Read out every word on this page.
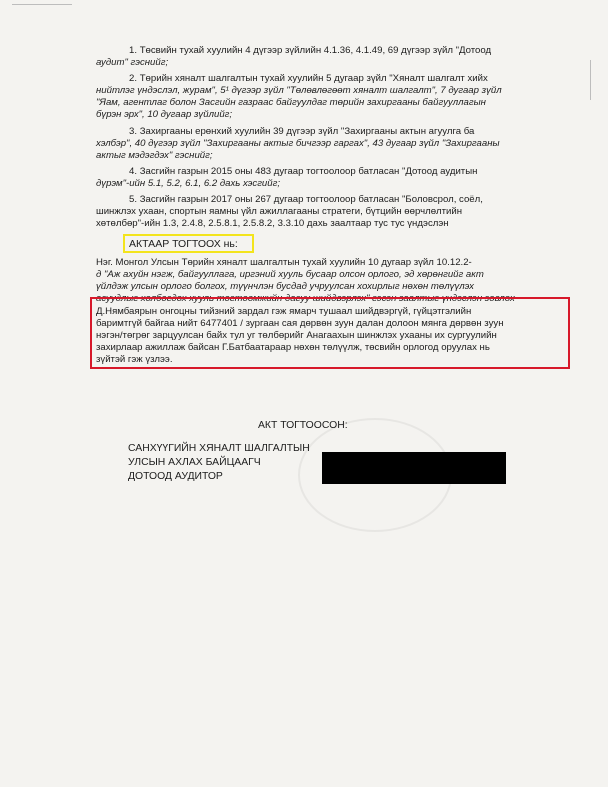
1. Төсвийн тухай хуулийн 4 дүгээр зүйлийн 4.1.36, 4.1.49, 69 дүгээр зүйл "Дотоод
аудит" гэснийг;
2. Төрийн хяналт шалгалтын тухай хуулийн 5 дугаар зүйл "Хяналт шалгалт хийх
нийтлэг үндэслэл, журам", 5¹ дүгээр зүйл "Төлөвлөгөөт хяналт шалгалт", 7 дугаар зүйл
"Яам, агентлаг болон Засгийн газраас байгуулдаг төрийн захиргааны байгууллагын
бүрэн эрх", 10 дугаар зүйлийг;
3. Захиргааны ерөнхий хуулийн 39 дүгээр зүйл "Захиргааны актын агуулга ба
хэлбэр", 40 дүгээр зүйл "Захиргааны актыг бичгээр гаргах", 43 дугаар зүйл "Захиргааны
актыг мэдэгдэх" гэснийг;
4. Засгийн газрын 2015 оны 483 дугаар тогтоолоор батласан "Дотоод аудитын
дүрэм"-ийн 5.1, 5.2, 6.1, 6.2 дахь хэсгийг;
5. Засгийн газрын 2017 оны 267 дугаар тогтоолоор батласан "Боловсрол, соёл,
шинжлэх ухаан, спортын яамны үйл ажиллагааны стратеги, бүтцийн өөрчлөлтийн
хөтөлбөр"-ийн 1.3, 2.4.8, 2.5.8.1, 2.5.8.2, 3.3.10 дахь заалтаар тус тус үндэслэн
АКТААР ТОГТООХ нь:
Нэг. Монгол Улсын Төрийн хяналт шалгалтын тухай хуулийн 10 дугаар зүйл 10.12.2-
д "Аж ахуйн нэгж, байгууллага, иргэний хууль бусаар олсон орлого, эд хөрөнгийг акт
үйлдэж улсын орлого болгох, түүнчлэн бусдад учруулсан хохирлыг нөхөн төлүүлэх
асуудлыг холбогдох хууль тогтоомжийн дагуу шийдвэрлэх" гэсэн заалтыг үндэслэн зөвлөх
Д.Нямбаярын онгоцны тийзний зардал гэж ямарч тушаал шийдвэргүй, гүйцэтгэлийн
баримтгүй байгаа нийт 6477401 / зургаан сая дөрвөн зуун далан долоон мянга дөрвөн зуун
нэгэн/төгрөг зарцуулсан байх тул уг төлбөрийг Анагаахын шинжлэх ухааны их сургуулийн
захирлаар ажиллаж байсан Г.Батбаатараар нөхөн төлүүлж, төсвийн орлогод оруулах нь
зүйтэй гэж үзлээ.
АКТ ТОГТООСОН:
САНХҮҮГИЙН ХЯНАЛТ ШАЛГАЛТЫН
УЛСЫН АХЛАХ БАЙЦААГЧ
ДОТООД АУДИТОР
